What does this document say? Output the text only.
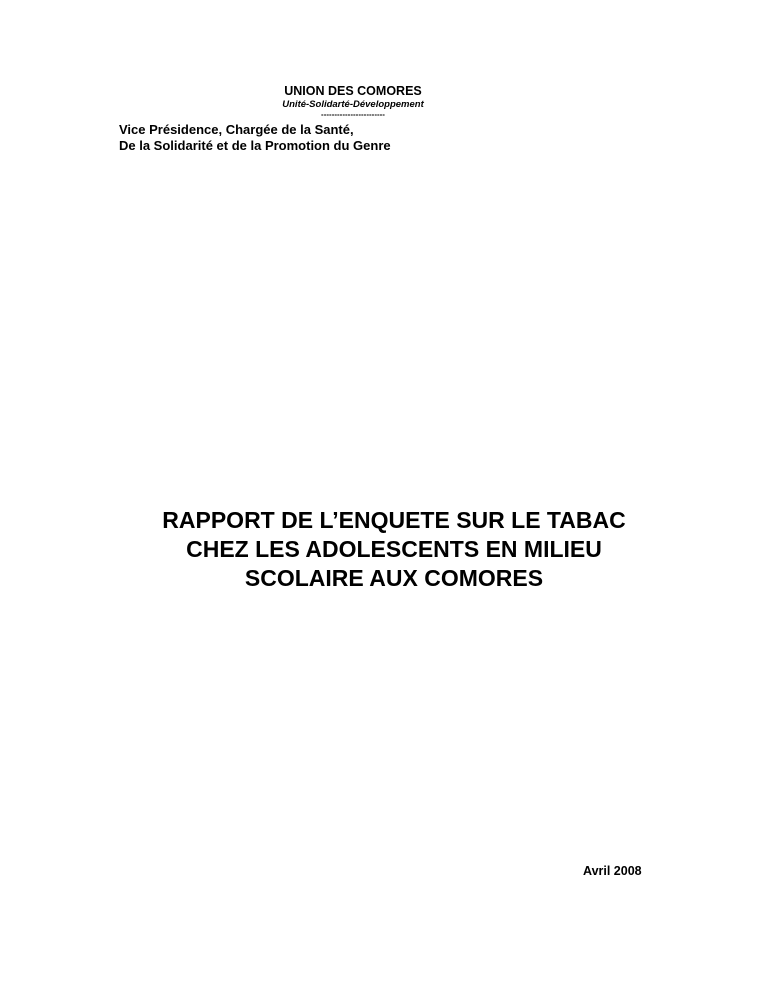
UNION DES COMORES
Unité-Solidarté-Développement
------------------------
Vice Présidence, Chargée de la Santé,
De la Solidarité et de la Promotion du Genre
RAPPORT DE L’ENQUETE SUR LE TABAC
CHEZ LES ADOLESCENTS EN MILIEU
SCOLAIRE AUX COMORES
Avril 2008
